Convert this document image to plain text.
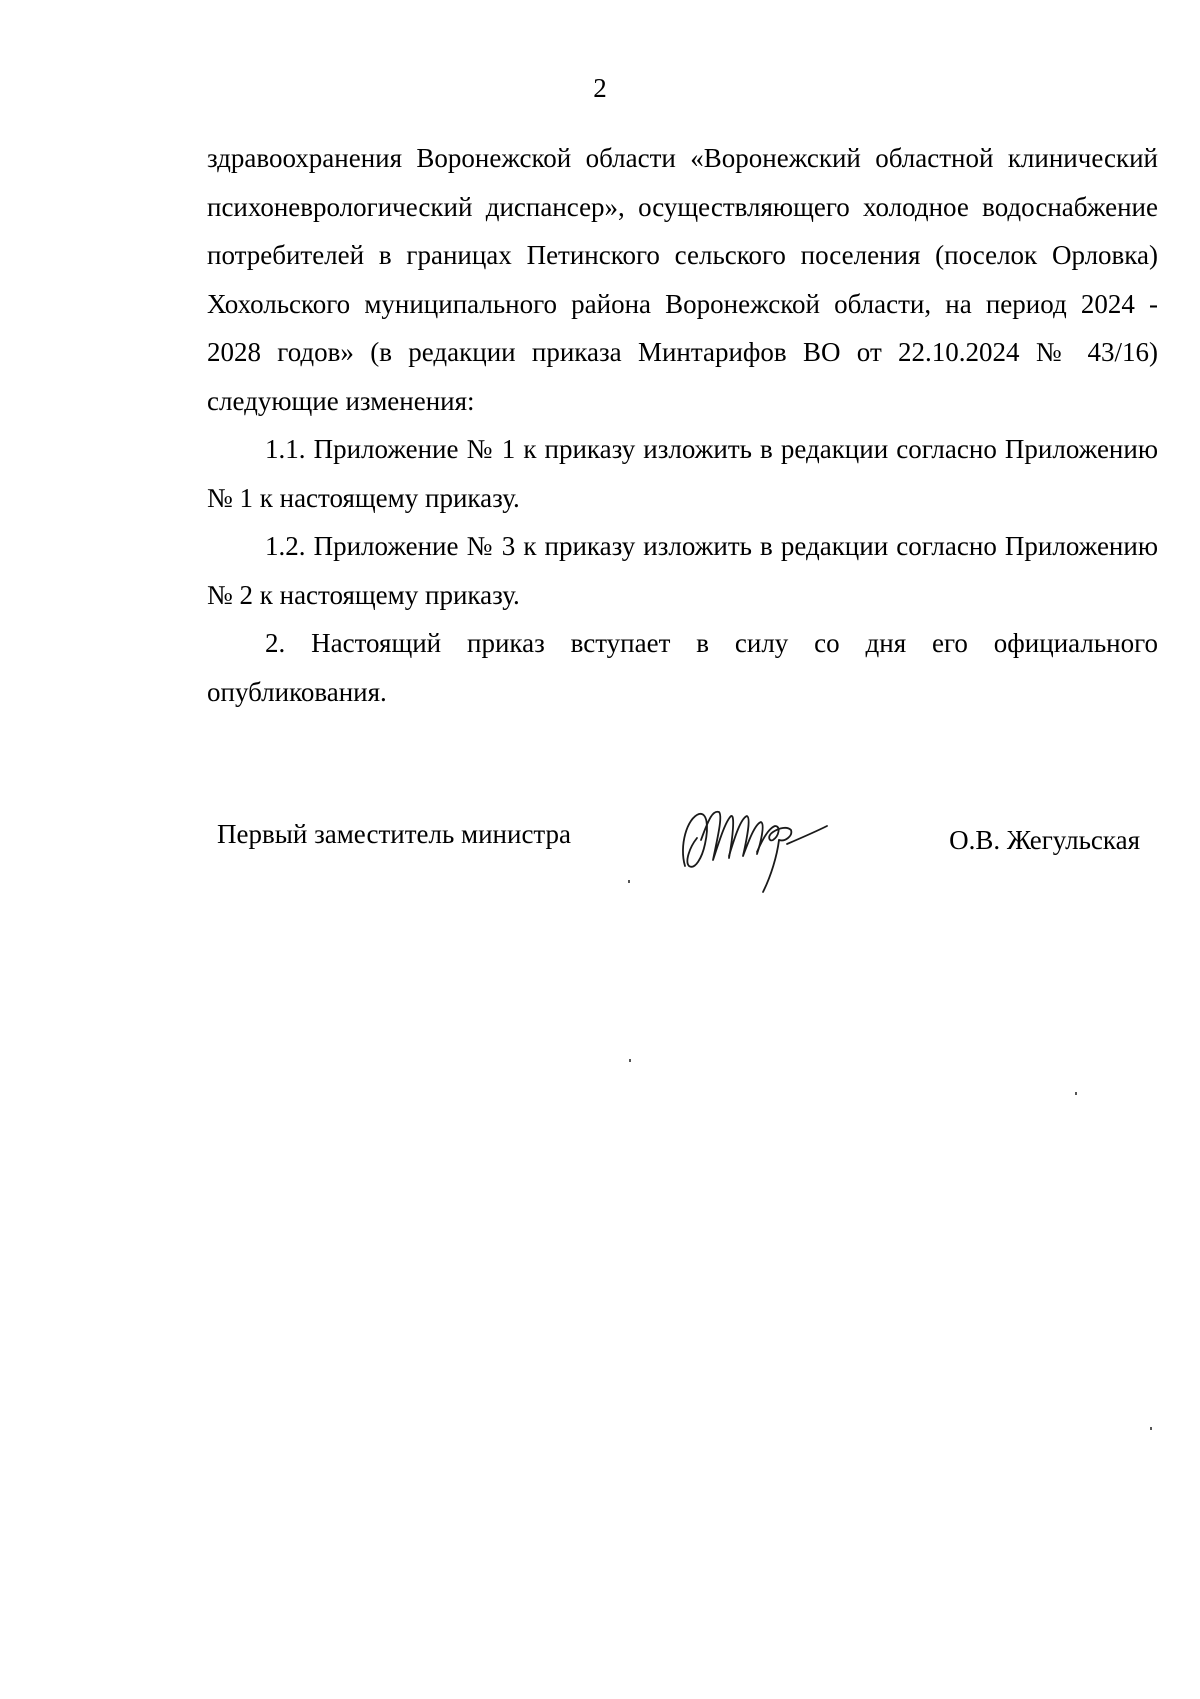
2

здравоохранения Воронежской области «Воронежский областной клинический психоневрологический диспансер», осуществляющего холодное водоснабжение потребителей в границах Петинского сельского поселения (поселок Орловка) Хохольского муниципального района Воронежской области, на период 2024 - 2028 годов» (в редакции приказа Минтарифов ВО от 22.10.2024 № 43/16) следующие изменения:

1.1. Приложение № 1 к приказу изложить в редакции согласно Приложению № 1 к настоящему приказу.

1.2. Приложение № 3 к приказу изложить в редакции согласно Приложению № 2 к настоящему приказу.

2. Настоящий приказ вступает в силу со дня его официального опубликования.

Первый заместитель министра	О.В. Жегульская
